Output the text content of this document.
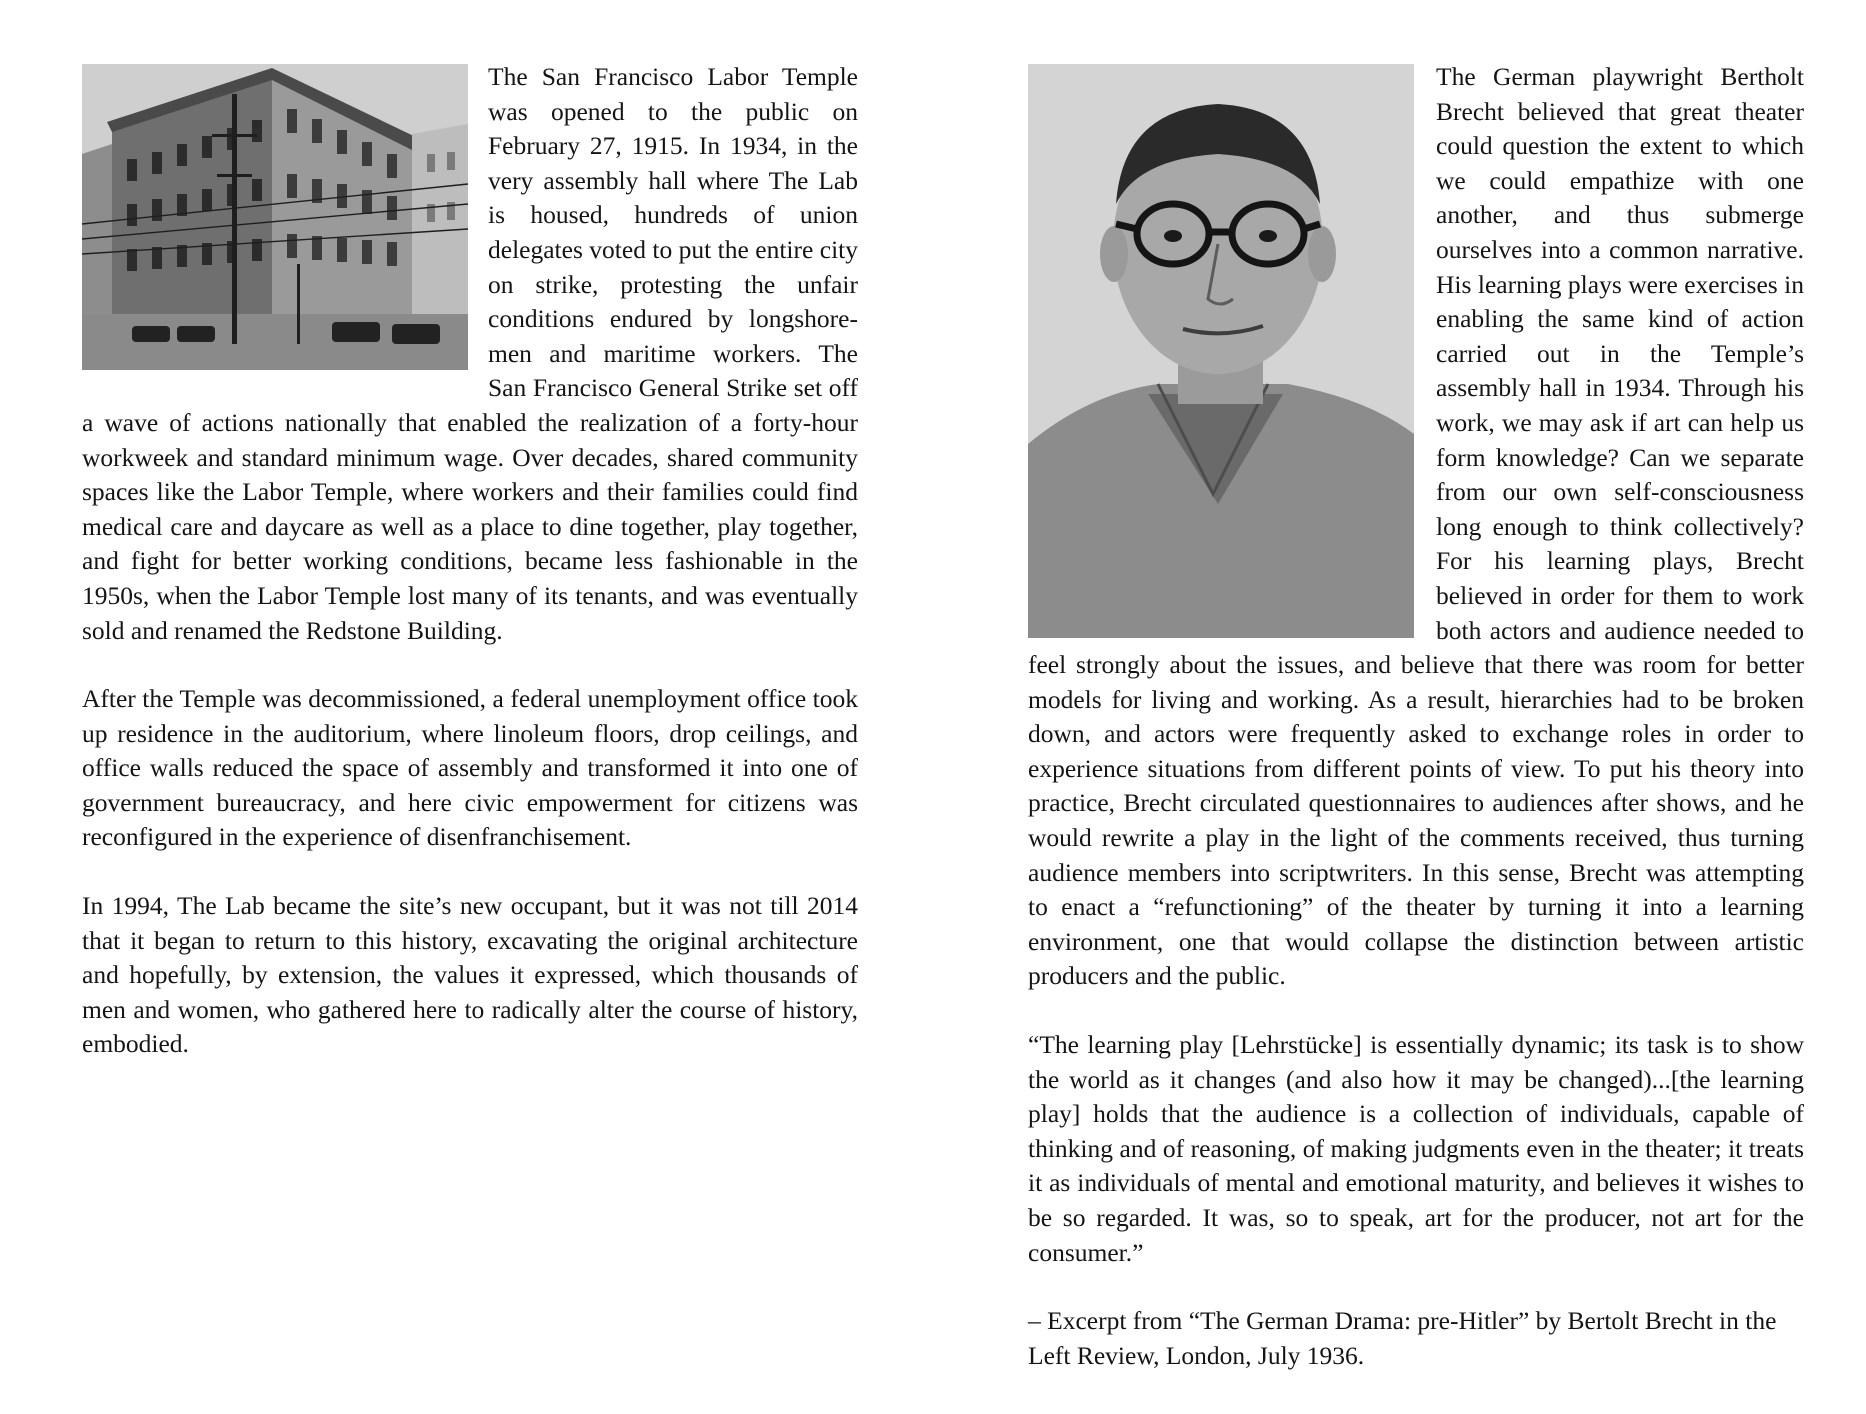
The San Francisco Labor Temple was opened to the public on February 27, 1915. In 1934, in the very assembly hall where The Lab is housed, hundreds of union delegates voted to put the entire city on strike, protesting the unfair conditions endured by longshoremen and maritime workers. The San Francisco General Strike set off a wave of actions nationally that enabled the realization of a forty-hour workweek and standard minimum wage. Over decades, shared community spaces like the Labor Temple, where workers and their families could find medical care and daycare as well as a place to dine together, play together, and fight for better working conditions, became less fashionable in the 1950s, when the Labor Temple lost many of its tenants, and was eventually sold and renamed the Redstone Building.

After the Temple was decommissioned, a federal unemployment office took up residence in the auditorium, where linoleum floors, drop ceilings, and office walls reduced the space of assembly and transformed it into one of government bureaucracy, and here civic empowerment for citizens was reconfigured in the experience of disenfranchisement.

In 1994, The Lab became the site’s new occupant, but it was not till 2014 that it began to return to this history, excavating the original architecture and hopefully, by extension, the values it expressed, which thousands of men and women, who gathered here to radically alter the course of history, embodied.

The German playwright Bertholt Brecht believed that great theater could question the extent to which we could empathize with one another, and thus submerge ourselves into a common narrative. His learning plays were exercises in enabling the same kind of action carried out in the Temple’s assembly hall in 1934. Through his work, we may ask if art can help us form knowledge? Can we separate from our own self-consciousness long enough to think collectively? For his learning plays, Brecht believed in order for them to work both actors and audience needed to feel strongly about the issues, and believe that there was room for better models for living and working. As a result, hierarchies had to be broken down, and actors were frequently asked to exchange roles in order to experience situations from different points of view. To put his theory into practice, Brecht circulated questionnaires to audiences after shows, and he would rewrite a play in the light of the comments received, thus turning audience members into scriptwriters. In this sense, Brecht was attempting to enact a “refunctioning” of the theater by turning it into a learning environment, one that would collapse the distinction between artistic producers and the public.

“The learning play [Lehrstücke] is essentially dynamic; its task is to show the world as it changes (and also how it may be changed)...[the learning play] holds that the audience is a collection of individuals, capable of thinking and of reasoning, of making judgments even in the theater; it treats it as individuals of mental and emotional maturity, and believes it wishes to be so regarded. It was, so to speak, art for the producer, not art for the consumer.”

– Excerpt from “The German Drama: pre-Hitler” by Bertolt Brecht in the Left Review, London, July 1936.
